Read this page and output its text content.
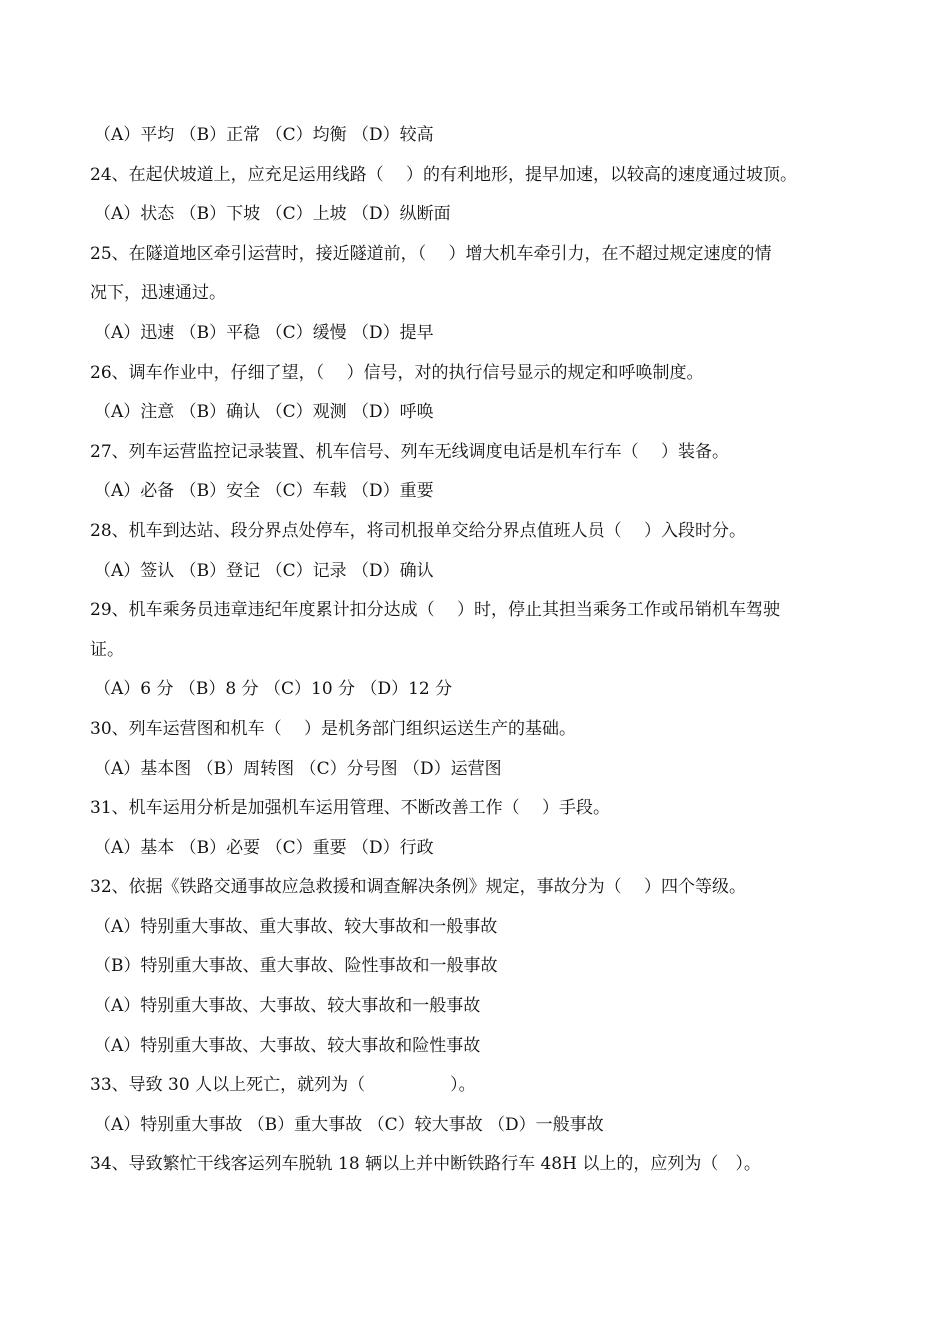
（A）平均 （B）正常 （C）均衡 （D）较高
24、在起伏坡道上，应充足运用线路（　 ）的有利地形，提早加速，以较高的速度通过坡顶。
（A）状态 （B）下坡 （C）上坡 （D）纵断面
25、在隧道地区牵引运营时，接近隧道前，（　 ）增大机车牵引力，在不超过规定速度的情
况下，迅速通过。
（A）迅速 （B）平稳 （C）缓慢 （D）提早
26、调车作业中，仔细了望，（　 ）信号，对的执行信号显示的规定和呼唤制度。
（A）注意 （B）确认 （C）观测 （D）呼唤
27、列车运营监控记录装置、机车信号、列车无线调度电话是机车行车（　 ）装备。
（A）必备 （B）安全 （C）车载 （D）重要
28、机车到达站、段分界点处停车，将司机报单交给分界点值班人员（　 ）入段时分。
（A）签认 （B）登记 （C）记录 （D）确认
29、机车乘务员违章违纪年度累计扣分达成（　 ）时，停止其担当乘务工作或吊销机车驾驶
证。
（A）6 分 （B）8 分 （C）10 分 （D）12 分
30、列车运营图和机车（　 ）是机务部门组织运送生产的基础。
（A）基本图 （B）周转图 （C）分号图 （D）运营图
31、机车运用分析是加强机车运用管理、不断改善工作（　 ）手段。
（A）基本 （B）必要 （C）重要 （D）行政
32、依据《铁路交通事故应急救援和调查解决条例》规定，事故分为（　 ）四个等级。
（A）特别重大事故、重大事故、较大事故和一般事故
（B）特别重大事故、重大事故、险性事故和一般事故
（A）特别重大事故、大事故、较大事故和一般事故
（A）特别重大事故、大事故、较大事故和险性事故
33、导致 30 人以上死亡，就列为（　　　　　）。
（A）特别重大事故 （B）重大事故 （C）较大事故 （D）一般事故
34、导致繁忙干线客运列车脱轨 18 辆以上并中断铁路行车 48H 以上的，应列为（　）。
